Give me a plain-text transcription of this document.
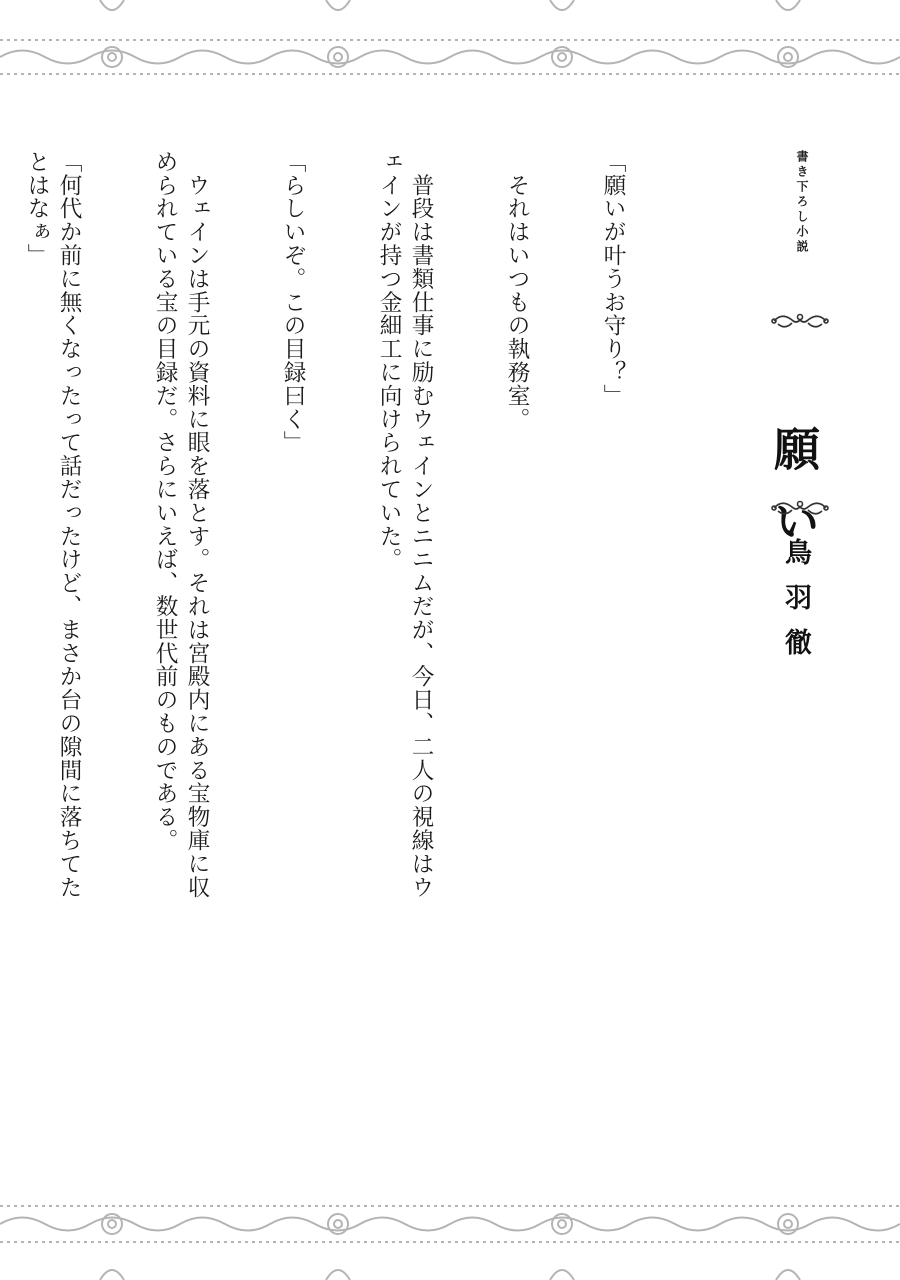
書き下ろし小説
願い
鳥羽徹

「願いが叶うお守り？」

　それはいつもの執務室。

　普段は書類仕事に励むウェインとニニムだが、今日、二人の視線はウ
ェインが持つ金細工に向けられていた。

「らしいぞ。この目録曰く」

　ウェインは手元の資料に眼を落とす。それは宮殿内にある宝物庫に収
められている宝の目録だ。さらにいえば、数世代前のものである。

「何代か前に無くなったって話だったけど、まさか台の隙間に落ちてた
とはなぁ」
